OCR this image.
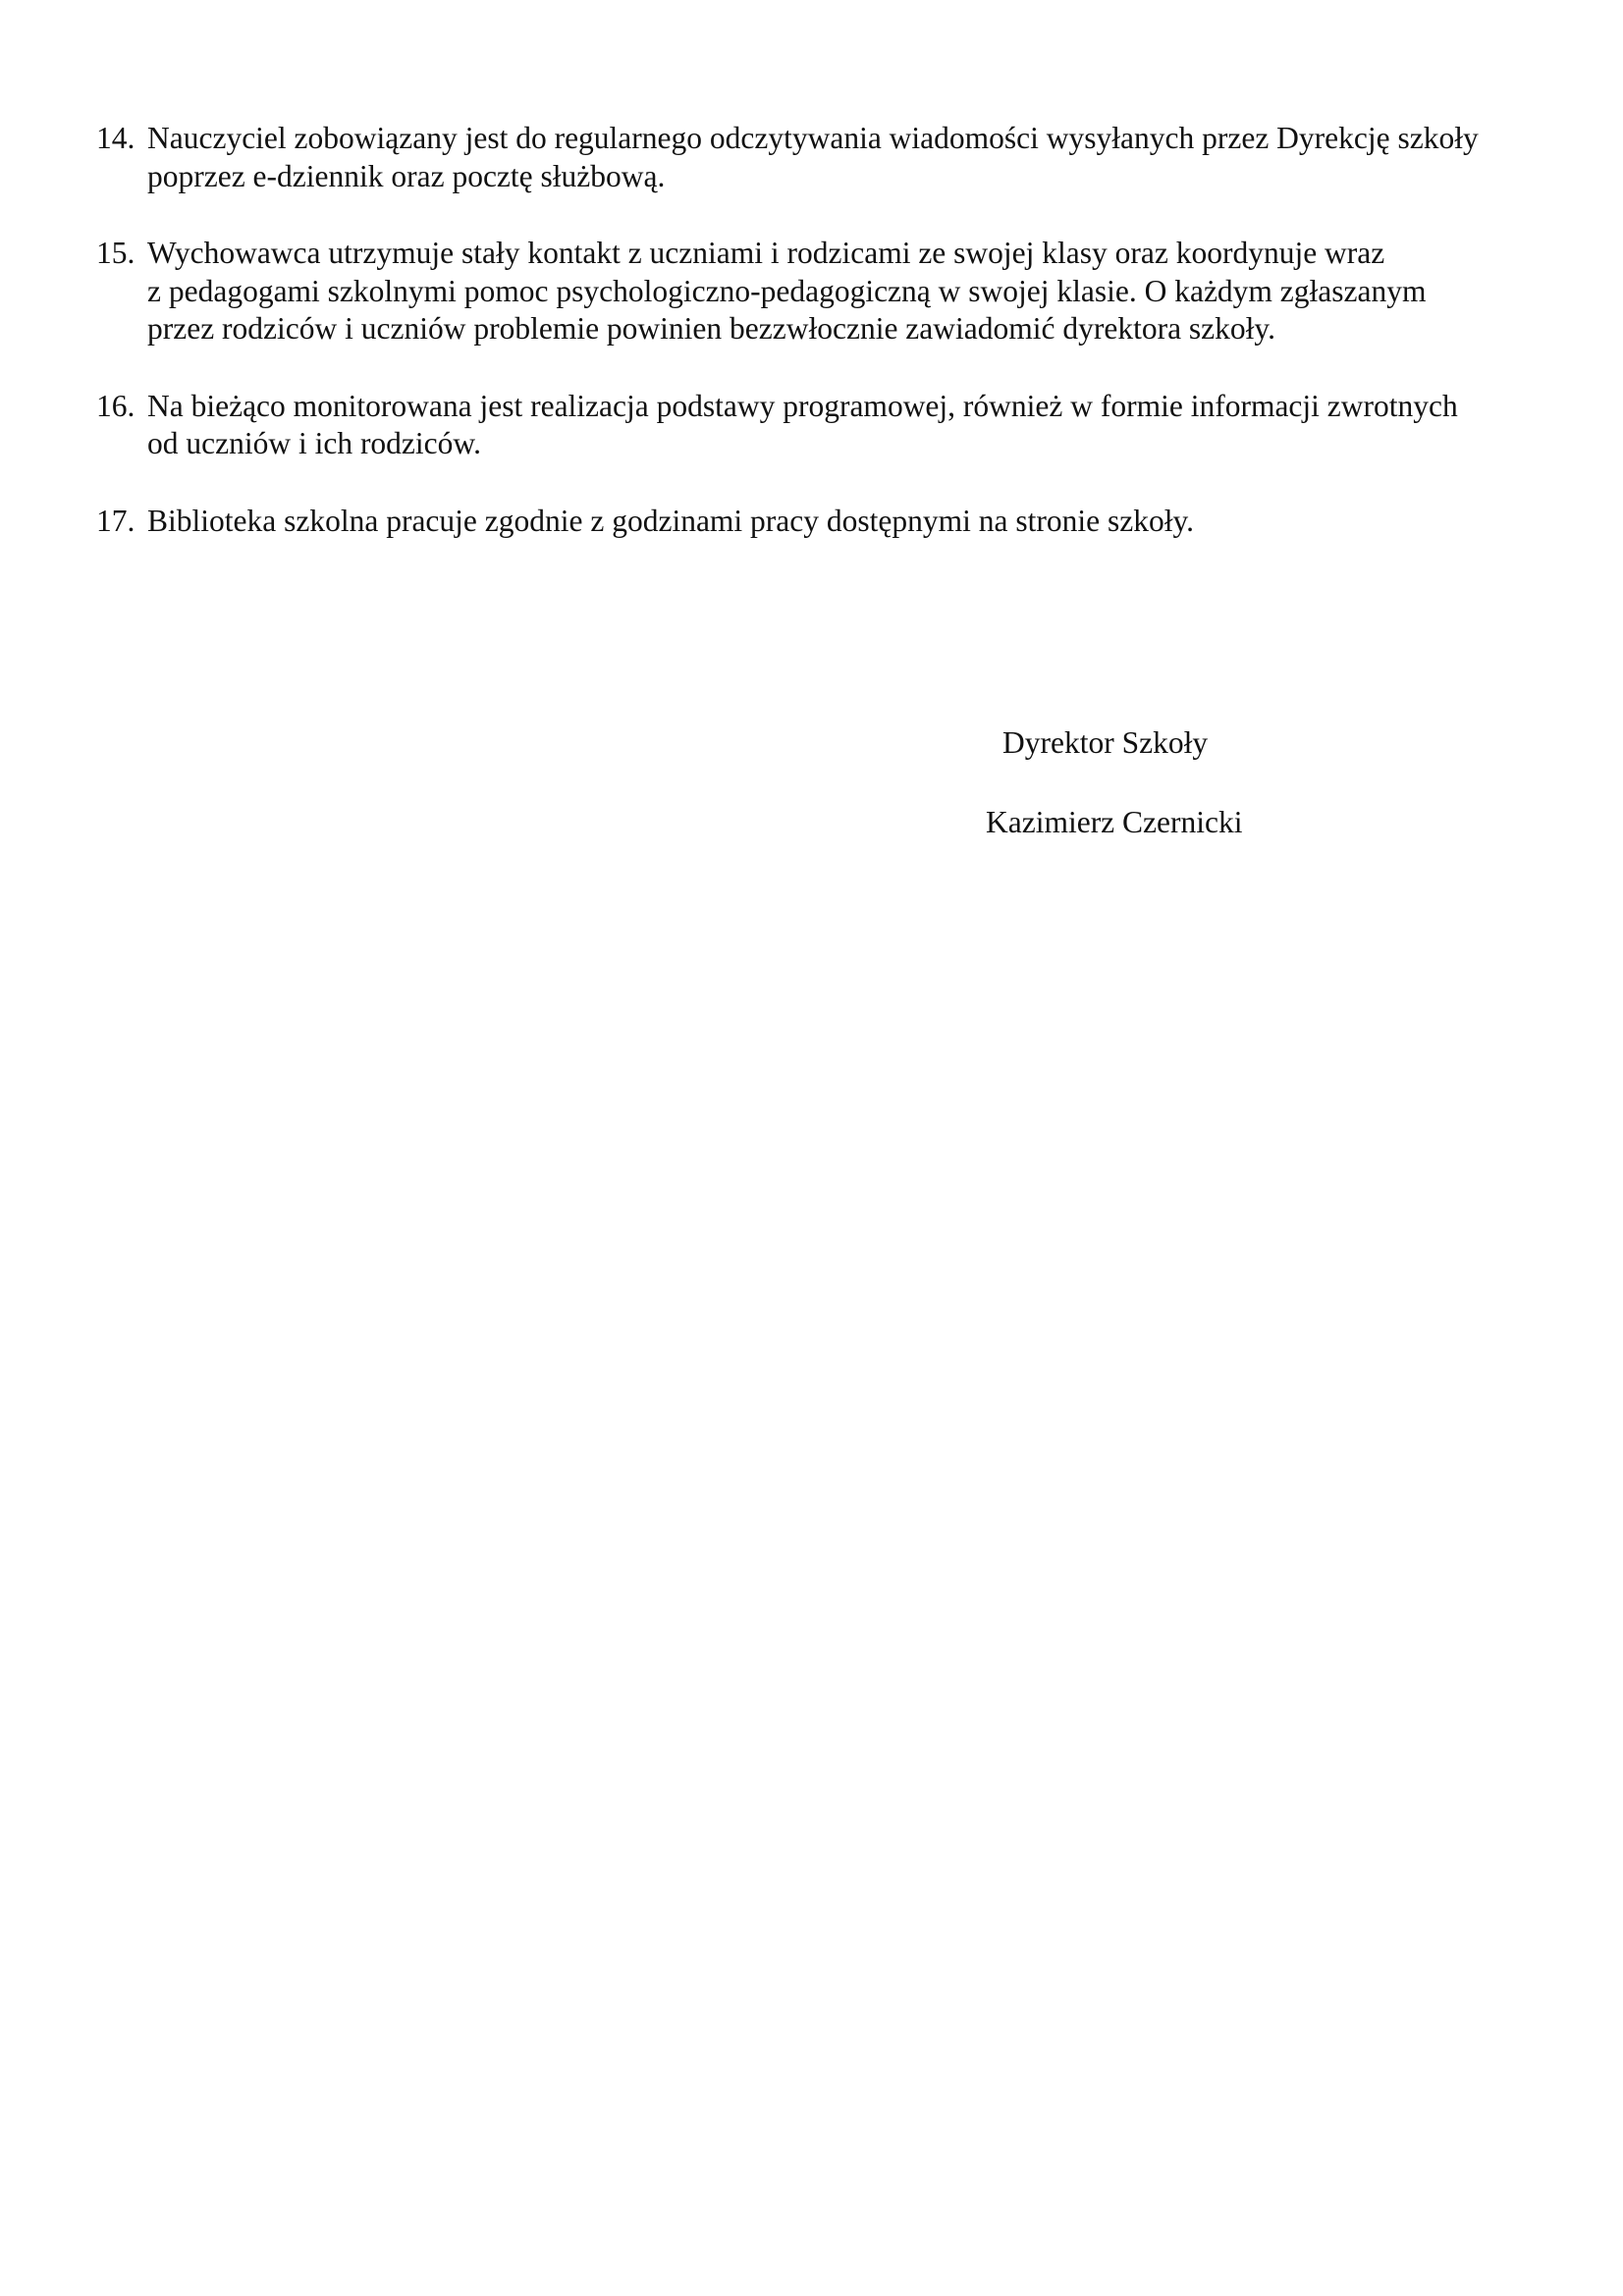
14. Nauczyciel zobowiązany jest do regularnego odczytywania wiadomości wysyłanych przez Dyrekcję szkoły
poprzez e-dziennik oraz pocztę służbową.
15. Wychowawca utrzymuje stały kontakt z uczniami i rodzicami ze swojej klasy oraz koordynuje wraz
z pedagogami szkolnymi pomoc psychologiczno-pedagogiczną w swojej klasie. O każdym zgłaszanym
przez rodziców i uczniów problemie powinien bezzwłocznie zawiadomić dyrektora szkoły.
16. Na bieżąco monitorowana jest realizacja podstawy programowej, również w formie informacji zwrotnych
od uczniów i ich rodziców.
17. Biblioteka szkolna pracuje zgodnie z godzinami pracy dostępnymi na stronie szkoły.
Dyrektor Szkoły
Kazimierz Czernicki
